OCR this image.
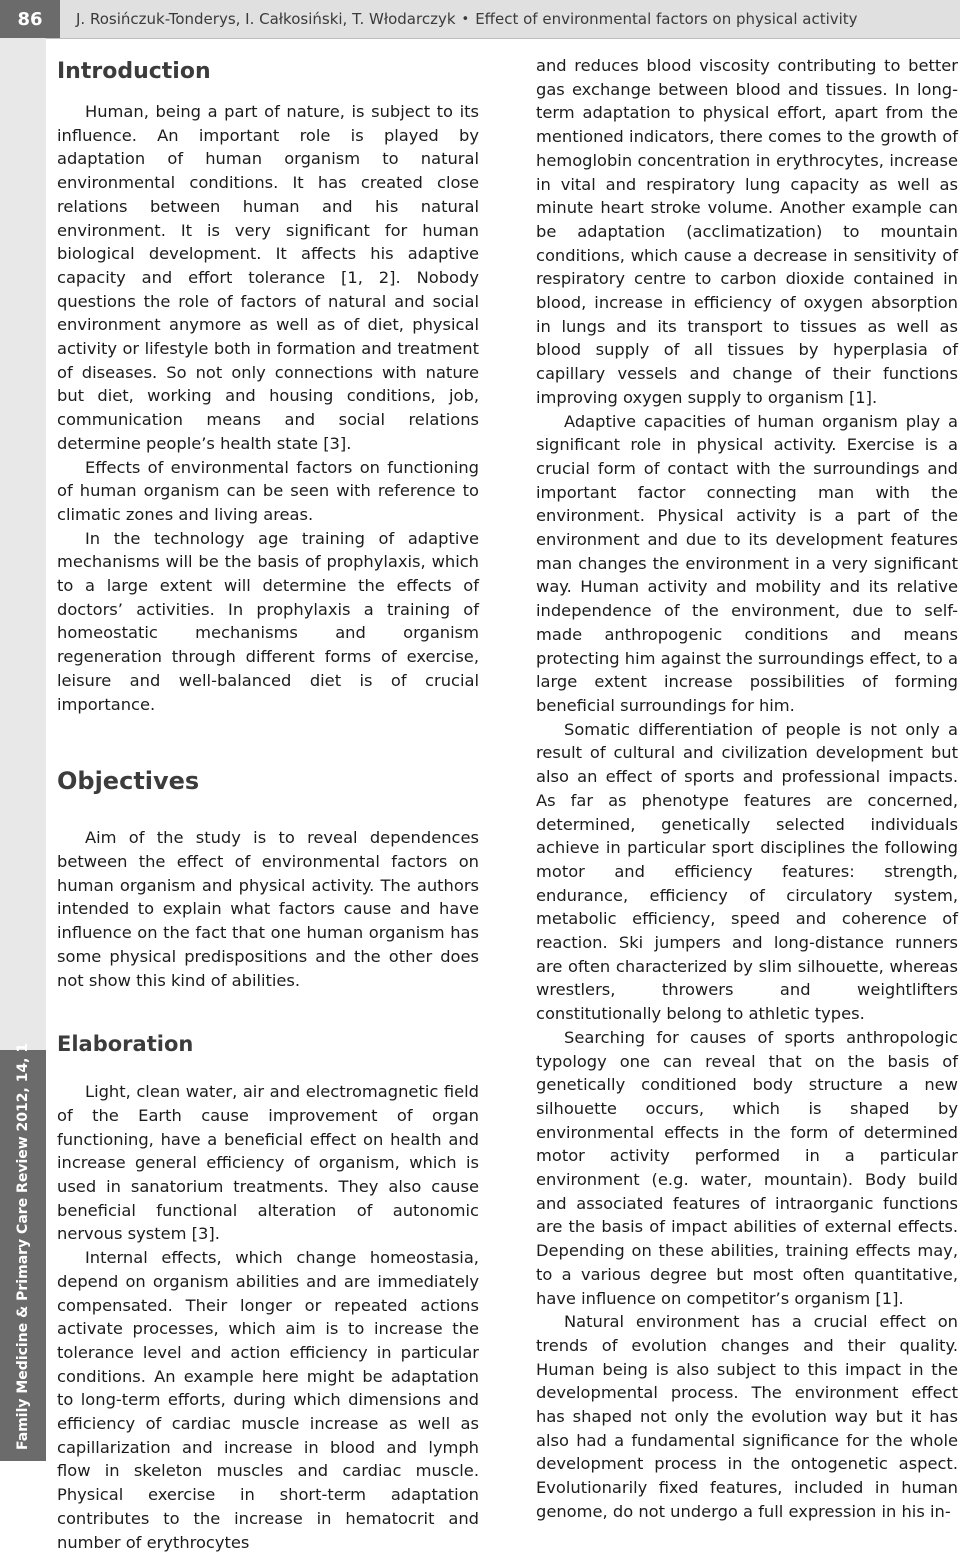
86	J. Rosińczuk-Tonderys, I. Całkosiński, T. Włodarczyk • Effect of environmental factors on physical activity
Family Medicine & Primary Care Review 2012, 14, 1
Introduction

Human, being a part of nature, is subject to its influence. An important role is played by adaptation of human organism to natural environmental conditions. It has created close relations between human and his natural environment. It is very significant for human biological development. It affects his adaptive capacity and effort tolerance [1, 2]. Nobody questions the role of factors of natural and social environment anymore as well as of diet, physical activity or lifestyle both in formation and treatment of diseases. So not only connections with nature but diet, working and housing conditions, job, communication means and social relations determine people’s health state [3].

Effects of environmental factors on functioning of human organism can be seen with reference to climatic zones and living areas.

In the technology age training of adaptive mechanisms will be the basis of prophylaxis, which to a large extent will determine the effects of doctors’ activities. In prophylaxis a training of homeostatic mechanisms and organism regeneration through different forms of exercise, leisure and well-balanced diet is of crucial importance.

Objectives

Aim of the study is to reveal dependences between the effect of environmental factors on human organism and physical activity. The authors intended to explain what factors cause and have influence on the fact that one human organism has some physical predispositions and the other does not show this kind of abilities.

Elaboration

Light, clean water, air and electromagnetic field of the Earth cause improvement of organ functioning, have a beneficial effect on health and increase general efficiency of organism, which is used in sanatorium treatments. They also cause beneficial functional alteration of autonomic nervous system [3].

Internal effects, which change homeostasia, depend on organism abilities and are immediately compensated. Their longer or repeated actions activate processes, which aim is to increase the tolerance level and action efficiency in particular conditions. An example here might be adaptation to long-term efforts, during which dimensions and efficiency of cardiac muscle increase as well as capillarization and increase in blood and lymph flow in skeleton muscles and cardiac muscle. Physical exercise in short-term adaptation contributes to the increase in hematocrit and number of erythrocytes

and reduces blood viscosity contributing to better gas exchange between blood and tissues. In long-term adaptation to physical effort, apart from the mentioned indicators, there comes to the growth of hemoglobin concentration in erythrocytes, increase in vital and respiratory lung capacity as well as minute heart stroke volume. Another example can be adaptation (acclimatization) to mountain conditions, which cause a decrease in sensitivity of respiratory centre to carbon dioxide contained in blood, increase in efficiency of oxygen absorption in lungs and its transport to tissues as well as blood supply of all tissues by hyperplasia of capillary vessels and change of their functions improving oxygen supply to organism [1].

Adaptive capacities of human organism play a significant role in physical activity. Exercise is a crucial form of contact with the surroundings and important factor connecting man with the environment. Physical activity is a part of the environment and due to its development features man changes the environment in a very significant way. Human activity and mobility and its relative independence of the environment, due to self-made anthropogenic conditions and means protecting him against the surroundings effect, to a large extent increase possibilities of forming beneficial surroundings for him.

Somatic differentiation of people is not only a result of cultural and civilization development but also an effect of sports and professional impacts. As far as phenotype features are concerned, determined, genetically selected individuals achieve in particular sport disciplines the following motor and efficiency features: strength, endurance, efficiency of circulatory system, metabolic efficiency, speed and coherence of reaction. Ski jumpers and long-distance runners are often characterized by slim silhouette, whereas wrestlers, throwers and weightlifters constitutionally belong to athletic types.

Searching for causes of sports anthropologic typology one can reveal that on the basis of genetically conditioned body structure a new silhouette occurs, which is shaped by environmental effects in the form of determined motor activity performed in a particular environment (e.g. water, mountain). Body build and associated features of intraorganic functions are the basis of impact abilities of external effects. Depending on these abilities, training effects may, to a various degree but most often quantitative, have influence on competitor’s organism [1].

Natural environment has a crucial effect on trends of evolution changes and their quality. Human being is also subject to this impact in the developmental process. The environment effect has shaped not only the evolution way but it has also had a fundamental significance for the whole development process in the ontogenetic aspect. Evolutionarily fixed features, included in human genome, do not undergo a full expression in his in-
